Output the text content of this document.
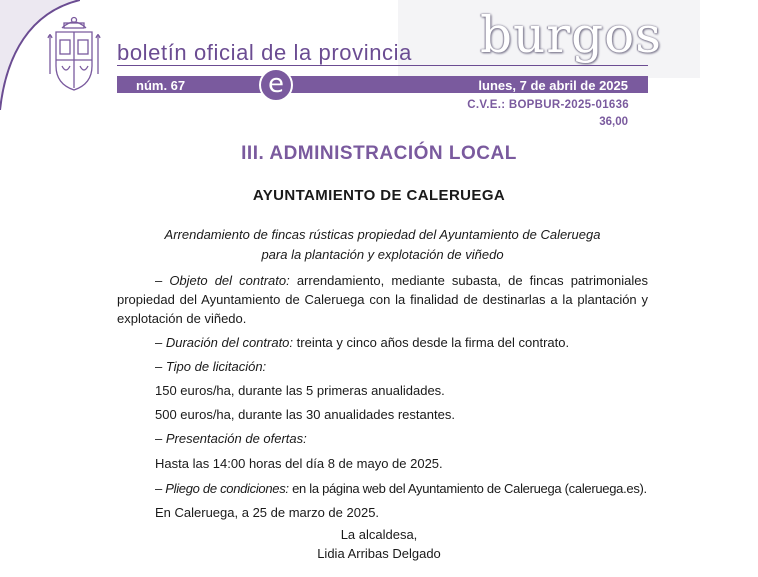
burgos
boletín oficial de la provincia
núm. 67	lunes, 7 de abril de 2025
e
C.V.E.: BOPBUR-2025-01636
36,00
III. ADMINISTRACIÓN LOCAL
AYUNTAMIENTO DE CALERUEGA
Arrendamiento de fincas rústicas propiedad del Ayuntamiento de Caleruega
para la plantación y explotación de viñedo
– Objeto del contrato: arrendamiento, mediante subasta, de fincas patrimoniales propiedad del Ayuntamiento de Caleruega con la finalidad de destinarlas a la plantación y explotación de viñedo.
– Duración del contrato: treinta y cinco años desde la firma del contrato.
– Tipo de licitación:
150 euros/ha, durante las 5 primeras anualidades.
500 euros/ha, durante las 30 anualidades restantes.
– Presentación de ofertas:
Hasta las 14:00 horas del día 8 de mayo de 2025.
– Pliego de condiciones: en la página web del Ayuntamiento de Caleruega (caleruega.es).
En Caleruega, a 25 de marzo de 2025.
La alcaldesa,
Lidia Arribas Delgado
